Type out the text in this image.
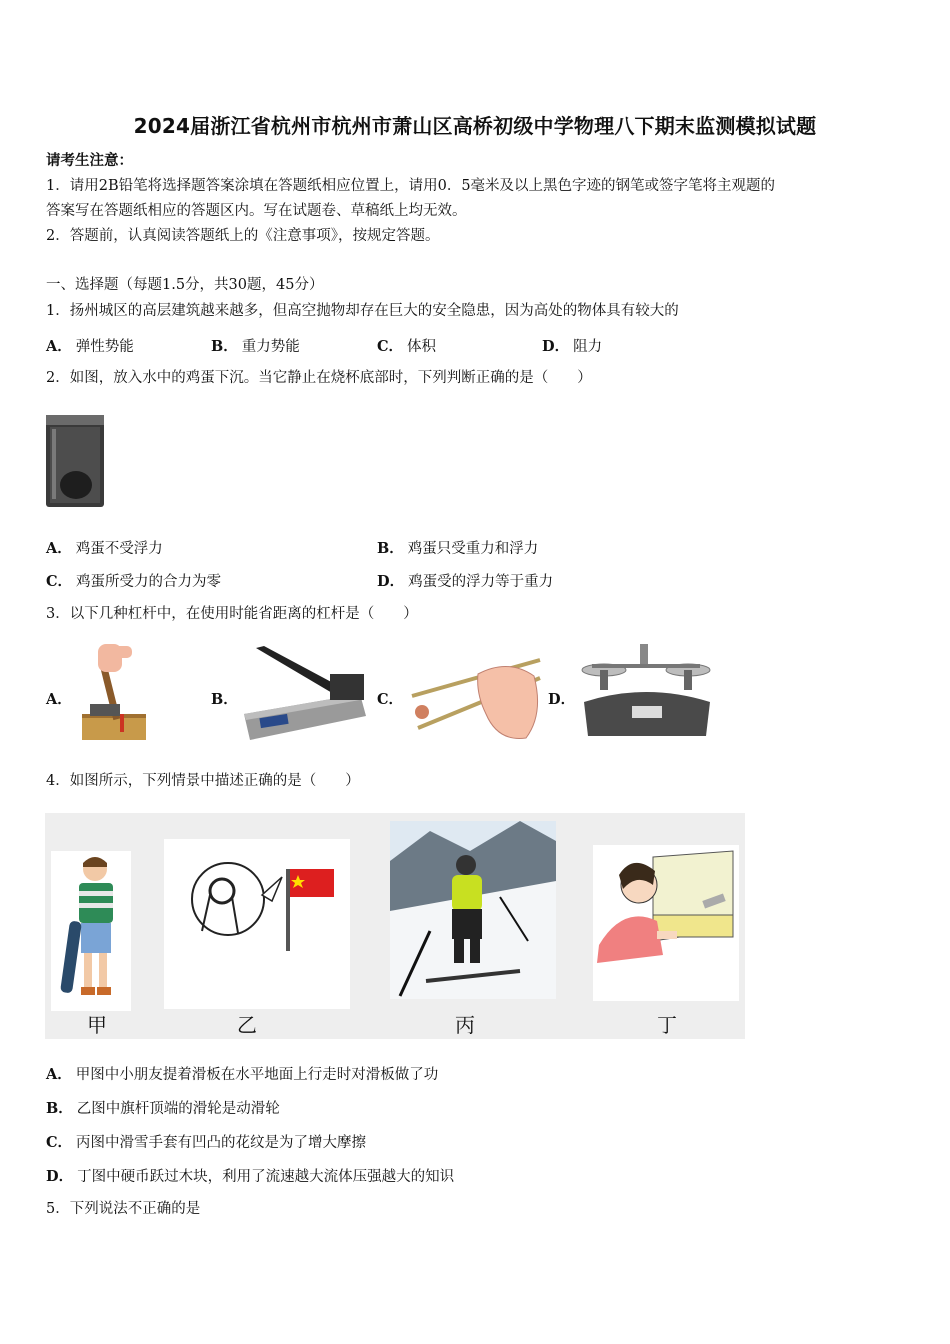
2024届浙江省杭州市杭州市萧山区高桥初级中学物理八下期末监测模拟试题
请考生注意：
1．请用2B铅笔将选择题答案涂填在答题纸相应位置上，请用0．5毫米及以上黑色字迹的钢笔或签字笔将主观题的
答案写在答题纸相应的答题区内。写在试题卷、草稿纸上均无效。
2．答题前，认真阅读答题纸上的《注意事项》，按规定答题。
一、选择题（每题1.5分，共30题，45分）
1．扬州城区的高层建筑越来越多，但高空抛物却存在巨大的安全隐患，因为高处的物体具有较大的
A． 弹性势能	B． 重力势能	C． 体积	D． 阻力
2．如图，放入水中的鸡蛋下沉。当它静止在烧杯底部时，下列判断正确的是（　　）
A． 鸡蛋不受浮力	B． 鸡蛋只受重力和浮力
C． 鸡蛋所受力的合力为零	D． 鸡蛋受的浮力等于重力
3．以下几种杠杆中，在使用时能省距离的杠杆是（　　）
A．	B．	C．	D．
4．如图所示，下列情景中描述正确的是（　　）
甲	乙	丙	丁
A． 甲图中小朋友提着滑板在水平地面上行走时对滑板做了功
B． 乙图中旗杆顶端的滑轮是动滑轮
C． 丙图中滑雪手套有凹凸的花纹是为了增大摩擦
D． 丁图中硬币跃过木块，利用了流速越大流体压强越大的知识
5．下列说法不正确的是
